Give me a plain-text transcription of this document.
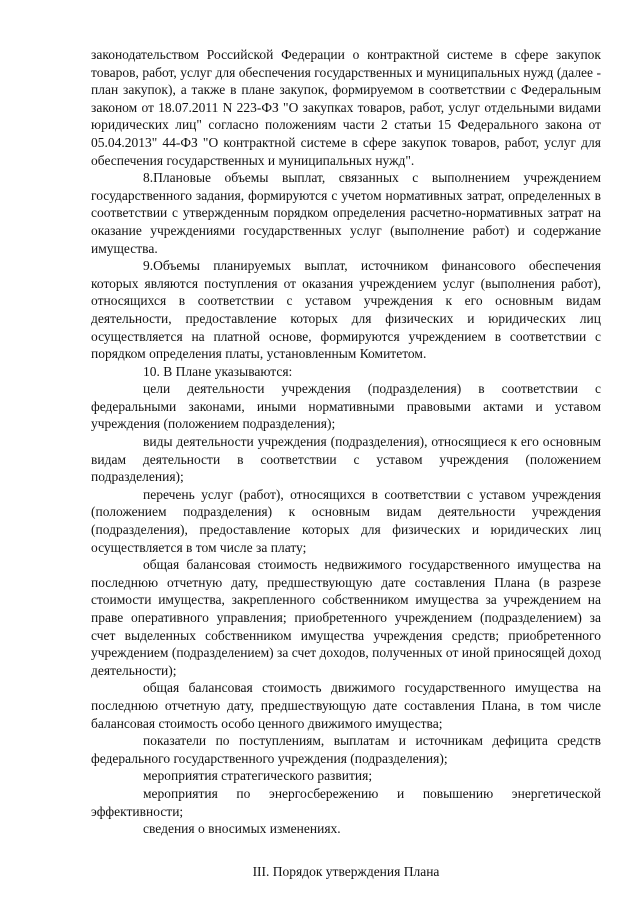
законодательством Российской Федерации о контрактной системе в сфере закупок товаров, работ, услуг для обеспечения государственных и муниципальных нужд (далее - план закупок), а также в плане закупок, формируемом в соответствии с Федеральным законом от 18.07.2011 N 223-ФЗ "О закупках товаров, работ, услуг отдельными видами юридических лиц" согласно положениям части 2 статьи 15 Федерального закона от 05.04.2013" 44-ФЗ "О контрактной системе в сфере закупок товаров, работ, услуг для обеспечения государственных и муниципальных нужд".

8.Плановые объемы выплат, связанных с выполнением учреждением государственного задания, формируются с учетом нормативных затрат, определенных в соответствии с утвержденным порядком определения расчетно-нормативных затрат на оказание учреждениями государственных услуг (выполнение работ) и содержание имущества.

9.Объемы планируемых выплат, источником финансового обеспечения которых являются поступления от оказания учреждением услуг (выполнения работ), относящихся в соответствии с уставом учреждения к его основным видам деятельности, предоставление которых для физических и юридических лиц осуществляется на платной основе, формируются учреждением в соответствии с порядком определения платы, установленным Комитетом.

10. В Плане указываются:

цели деятельности учреждения (подразделения) в соответствии с федеральными законами, иными нормативными правовыми актами и уставом учреждения (положением подразделения);

виды деятельности учреждения (подразделения), относящиеся к его основным видам деятельности в соответствии с уставом учреждения (положением подразделения);

перечень услуг (работ), относящихся в соответствии с уставом учреждения (положением подразделения) к основным видам деятельности учреждения (подразделения), предоставление которых для физических и юридических лиц осуществляется в том числе за плату;

общая балансовая стоимость недвижимого государственного имущества на последнюю отчетную дату, предшествующую дате составления Плана (в разрезе стоимости имущества, закрепленного собственником имущества за учреждением на праве оперативного управления; приобретенного учреждением (подразделением) за счет выделенных собственником имущества учреждения средств; приобретенного учреждением (подразделением) за счет доходов, полученных от иной приносящей доход деятельности);

общая балансовая стоимость движимого государственного имущества на последнюю отчетную дату, предшествующую дате составления Плана, в том числе балансовая стоимость особо ценного движимого имущества;

показатели по поступлениям, выплатам и источникам дефицита средств федерального государственного учреждения (подразделения);

мероприятия стратегического развития;

мероприятия по энергосбережению и повышению энергетической эффективности;

сведения о вносимых изменениях.

III. Порядок утверждения Плана
